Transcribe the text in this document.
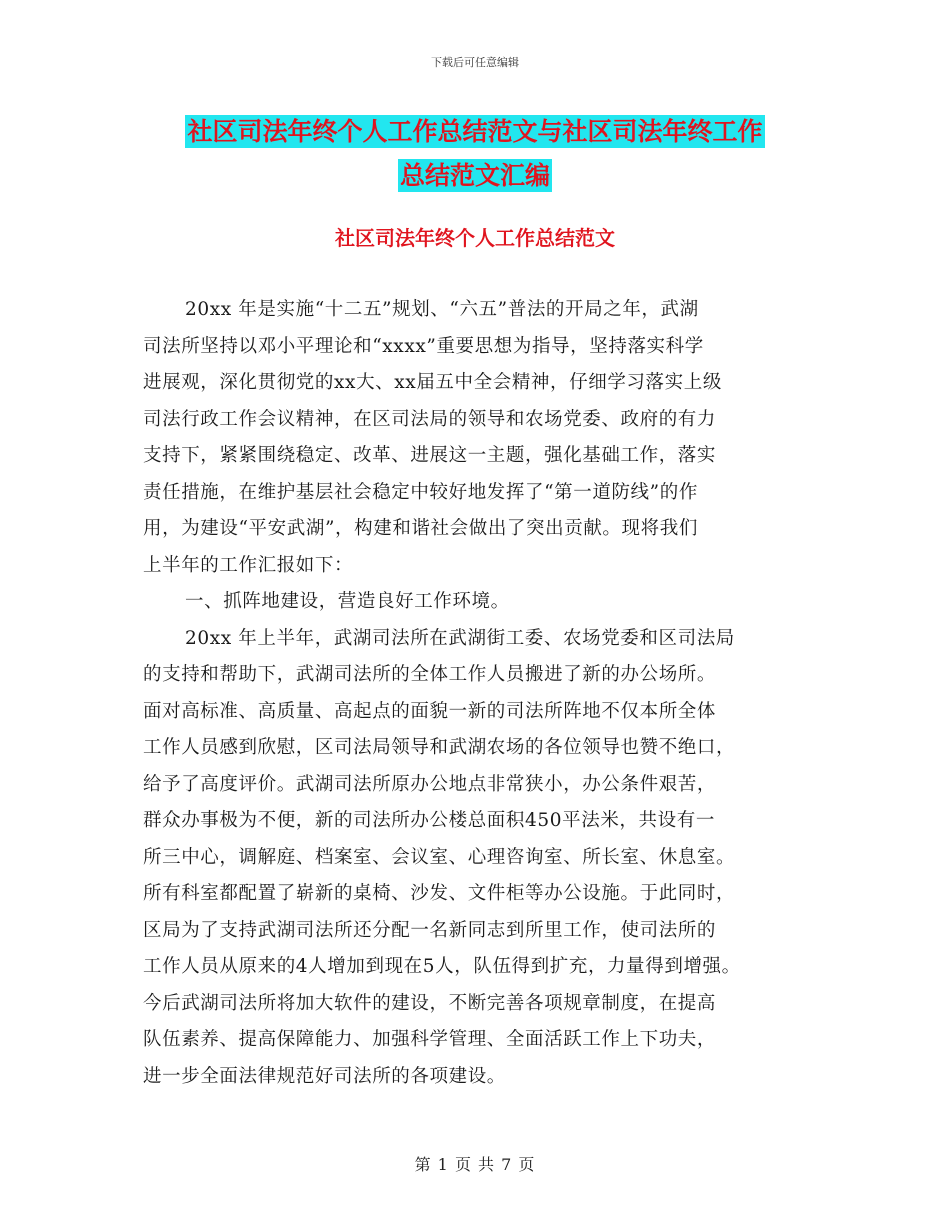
下载后可任意编辑
社区司法年终个人工作总结范文与社区司法年终工作
总结范文汇编
社区司法年终个人工作总结范文
20xx 年是实施“十二五”规划、“六五”普法的开局之年，武湖
司法所坚持以邓小平理论和“xxxx”重要思想为指导，坚持落实科学
进展观，深化贯彻党的xx大、xx届五中全会精神，仔细学习落实上级
司法行政工作会议精神，在区司法局的领导和农场党委、政府的有力
支持下，紧紧围绕稳定、改革、进展这一主题，强化基础工作，落实
责任措施，在维护基层社会稳定中较好地发挥了“第一道防线”的作
用，为建设“平安武湖”，构建和谐社会做出了突出贡献。现将我们
上半年的工作汇报如下：
一、抓阵地建设，营造良好工作环境。
20xx 年上半年，武湖司法所在武湖街工委、农场党委和区司法局
的支持和帮助下，武湖司法所的全体工作人员搬进了新的办公场所。
面对高标准、高质量、高起点的面貌一新的司法所阵地不仅本所全体
工作人员感到欣慰，区司法局领导和武湖农场的各位领导也赞不绝口，
给予了高度评价。武湖司法所原办公地点非常狭小，办公条件艰苦，
群众办事极为不便，新的司法所办公楼总面积450平法米，共设有一
所三中心，调解庭、档案室、会议室、心理咨询室、所长室、休息室。
所有科室都配置了崭新的桌椅、沙发、文件柜等办公设施。于此同时，
区局为了支持武湖司法所还分配一名新同志到所里工作，使司法所的
工作人员从原来的4人增加到现在5人，队伍得到扩充，力量得到增强。
今后武湖司法所将加大软件的建设，不断完善各项规章制度，在提高
队伍素养、提高保障能力、加强科学管理、全面活跃工作上下功夫，
进一步全面法律规范好司法所的各项建设。
第 1 页 共 7 页
